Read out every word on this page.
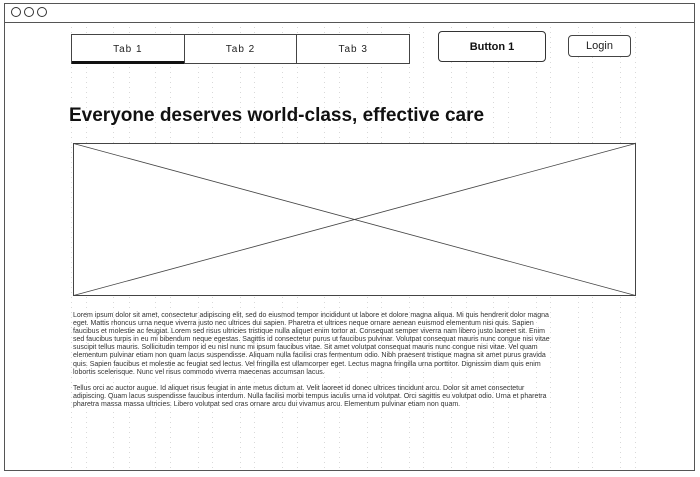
Tab 1	Tab 2	Tab 3	Button 1	Login
Everyone deserves world-class, effective care

Lorem ipsum dolor sit amet, consectetur adipiscing elit, sed do eiusmod tempor incididunt ut labore et dolore magna aliqua. Mi quis hendrerit dolor magna eget. Mattis rhoncus urna neque viverra justo nec ultrices dui sapien. Pharetra et ultrices neque ornare aenean euismod elementum nisi quis. Sapien faucibus et molestie ac feugiat. Lorem sed risus ultricies tristique nulla aliquet enim tortor at. Consequat semper viverra nam libero justo laoreet sit. Enim sed faucibus turpis in eu mi bibendum neque egestas. Sagittis id consectetur purus ut faucibus pulvinar. Volutpat consequat mauris nunc congue nisi vitae suscipit tellus mauris. Sollicitudin tempor id eu nisl nunc mi ipsum faucibus vitae. Sit amet volutpat consequat mauris nunc congue nisi vitae. Vel quam elementum pulvinar etiam non quam lacus suspendisse. Aliquam nulla facilisi cras fermentum odio. Nibh praesent tristique magna sit amet purus gravida quis. Sapien faucibus et molestie ac feugiat sed lectus. Vel fringilla est ullamcorper eget. Lectus magna fringilla urna porttitor. Dignissim diam quis enim lobortis scelerisque. Nunc vel risus commodo viverra maecenas accumsan lacus.

Tellus orci ac auctor augue. Id aliquet risus feugiat in ante metus dictum at. Velit laoreet id donec ultrices tincidunt arcu. Dolor sit amet consectetur adipiscing. Quam lacus suspendisse faucibus interdum. Nulla facilisi morbi tempus iaculis urna id volutpat. Orci sagittis eu volutpat odio. Urna et pharetra pharetra massa massa ultricies. Libero volutpat sed cras ornare arcu dui vivamus arcu. Elementum pulvinar etiam non quam.
